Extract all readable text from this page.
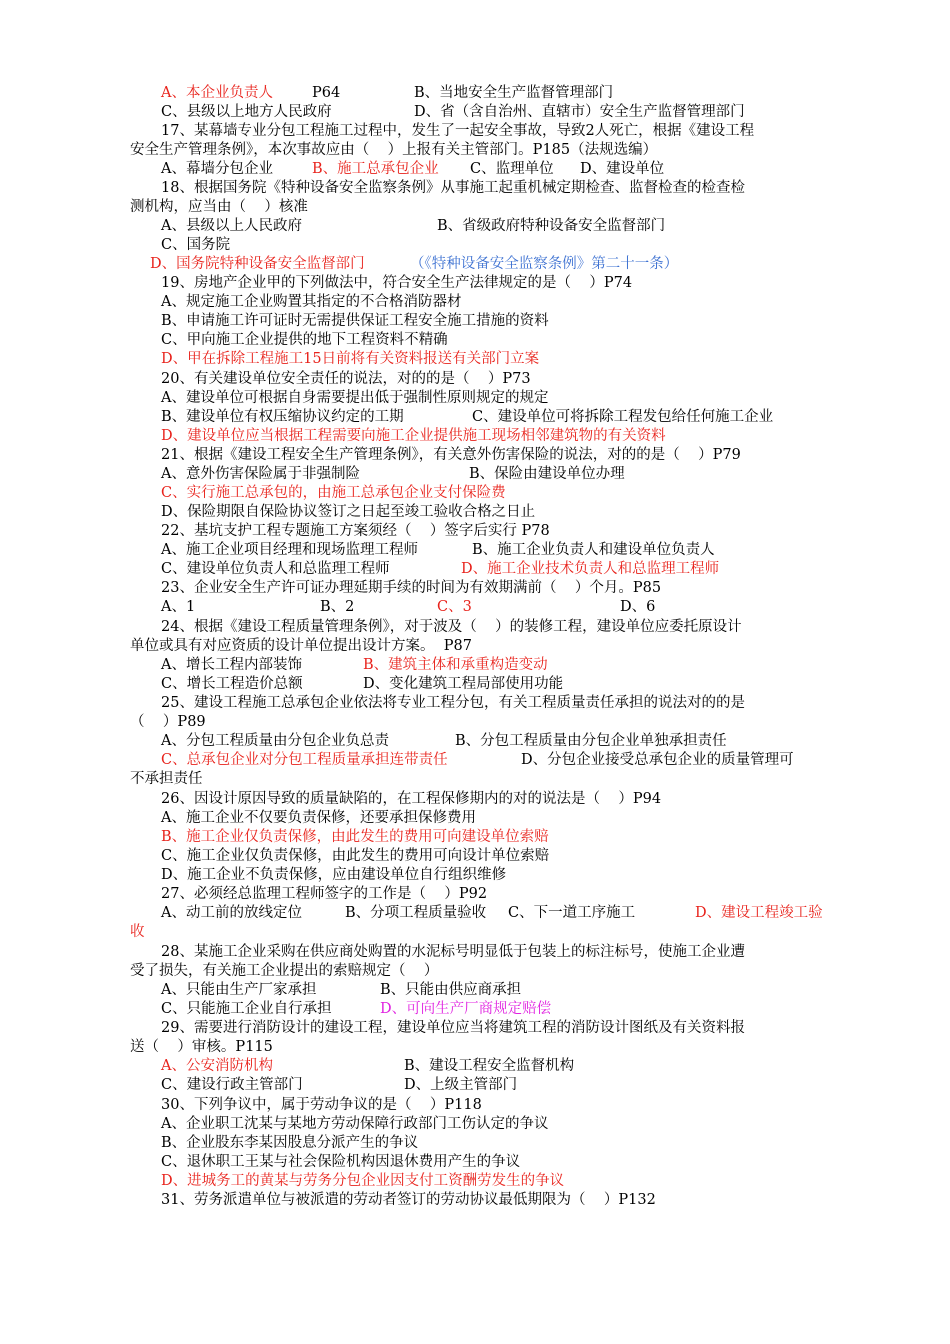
A、本企业负责人	P64	B、当地安全生产监督管理部门
C、县级以上地方人民政府	D、省（含自治州、直辖市）安全生产监督管理部门
17、某幕墙专业分包工程施工过程中，发生了一起安全事故，导致2人死亡，根据《建设工程
安全生产管理条例》，本次事故应由（    ）上报有关主管部门。P185（法规选编）
A、幕墙分包企业	B、施工总承包企业 C、监理单位 D、建设单位
18、根据国务院《特种设备安全监察条例》从事施工起重机械定期检查、监督检查的检查检
测机构，应当由（    ）核准
A、县级以上人民政府	B、省级政府特种设备安全监督部门
C、国务院
D、国务院特种设备安全监督部门	（《特种设备安全监察条例》第二十一条）
19、房地产企业甲的下列做法中，符合安全生产法律规定的是（    ）P74
A、规定施工企业购置其指定的不合格消防器材
B、申请施工许可证时无需提供保证工程安全施工措施的资料
C、甲向施工企业提供的地下工程资料不精确
D、甲在拆除工程施工15日前将有关资料报送有关部门立案
20、有关建设单位安全责任的说法，对的的是（    ）P73
A、建设单位可根据自身需要提出低于强制性原则规定的规定
B、建设单位有权压缩协议约定的工期	C、建设单位可将拆除工程发包给任何施工企业
D、建设单位应当根据工程需要向施工企业提供施工现场相邻建筑物的有关资料
21、根据《建设工程安全生产管理条例》，有关意外伤害保险的说法，对的的是（    ）P79
A、意外伤害保险属于非强制险	B、保险由建设单位办理
C、实行施工总承包的，由施工总承包企业支付保险费
D、保险期限自保险协议签订之日起至竣工验收合格之日止
22、基坑支护工程专题施工方案须经（    ）签字后实行 P78
A、施工企业项目经理和现场监理工程师	B、施工企业负责人和建设单位负责人
C、建设单位负责人和总监理工程师	D、施工企业技术负责人和总监理工程师
23、企业安全生产许可证办理延期手续的时间为有效期满前（    ）个月。P85
A、1	B、2	C、3	D、6
24、根据《建设工程质量管理条例》，对于波及（    ）的装修工程，建设单位应委托原设计
单位或具有对应资质的设计单位提出设计方案。  P87
A、增长工程内部装饰	B、建筑主体和承重构造变动
C、增长工程造价总额	D、变化建筑工程局部使用功能
25、建设工程施工总承包企业依法将专业工程分包，有关工程质量责任承担的说法对的的是
（    ）P89
A、分包工程质量由分包企业负总责	B、分包工程质量由分包企业单独承担责任
C、总承包企业对分包工程质量承担连带责任	D、分包企业接受总承包企业的质量管理可
不承担责任
26、因设计原因导致的质量缺陷的，在工程保修期内的对的说法是（    ）P94
A、施工企业不仅要负责保修，还要承担保修费用
B、施工企业仅负责保修，由此发生的费用可向建设单位索赔
C、施工企业仅负责保修，由此发生的费用可向设计单位索赔
D、施工企业不负责保修，应由建设单位自行组织维修
27、必须经总监理工程师签字的工作是（    ）P92
A、动工前的放线定位	B、分项工程质量验收 C、下一道工序施工	D、建设工程竣工验
收
28、某施工企业采购在供应商处购置的水泥标号明显低于包装上的标注标号，使施工企业遭
受了损失，有关施工企业提出的索赔规定（    ）
A、只能由生产厂家承担	B、只能由供应商承担
C、只能施工企业自行承担	D、可向生产厂商规定赔偿
29、需要进行消防设计的建设工程，建设单位应当将建筑工程的消防设计图纸及有关资料报
送（    ）审核。P115
A、公安消防机构	B、建设工程安全监督机构
C、建设行政主管部门	D、上级主管部门
30、下列争议中，属于劳动争议的是（    ）P118
A、企业职工沈某与某地方劳动保障行政部门工伤认定的争议
B、企业股东李某因股息分派产生的争议
C、退休职工王某与社会保险机构因退休费用产生的争议
D、进城务工的黄某与劳务分包企业因支付工资酬劳发生的争议
31、劳务派遣单位与被派遣的劳动者签订的劳动协议最低期限为（    ）P132
